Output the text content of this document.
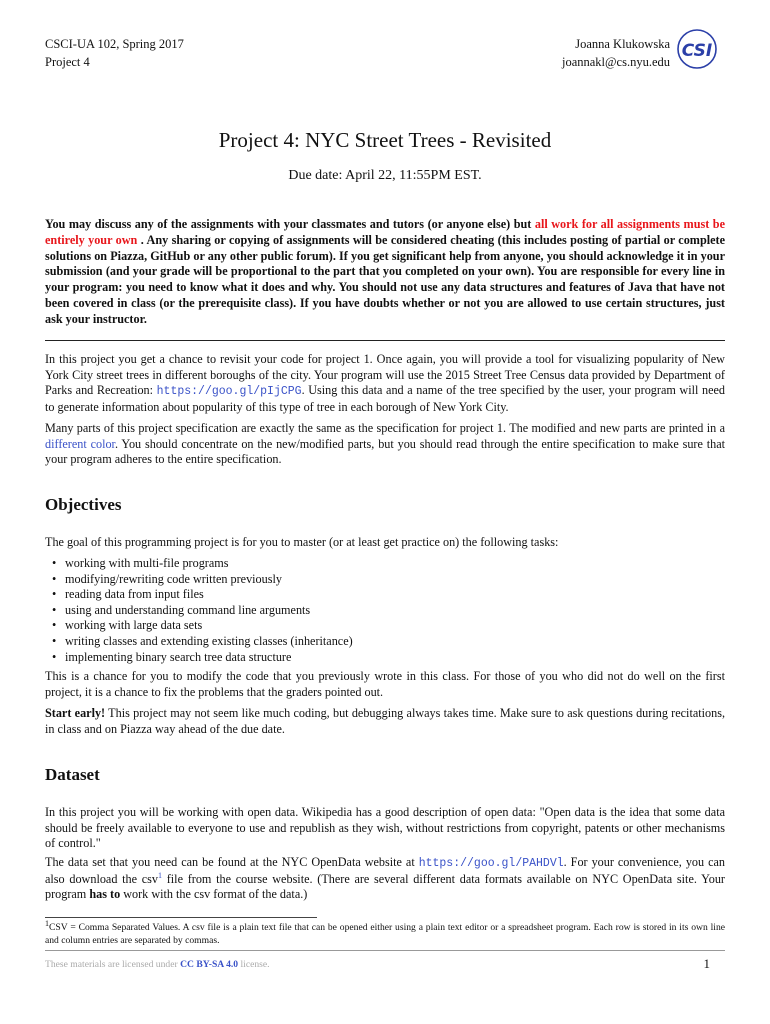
CSCI-UA 102, Spring 2017
Project 4
Joanna Klukowska
joannakl@cs.nyu.edu
CSI
Project 4: NYC Street Trees - Revisited
Due date: April 22, 11:55PM EST.
You may discuss any of the assignments with your classmates and tutors (or anyone else) but all work for all assignments must be entirely your own . Any sharing or copying of assignments will be considered cheating (this includes posting of partial or complete solutions on Piazza, GitHub or any other public forum). If you get significant help from anyone, you should acknowledge it in your submission (and your grade will be proportional to the part that you completed on your own). You are responsible for every line in your program: you need to know what it does and why. You should not use any data structures and features of Java that have not been covered in class (or the prerequisite class). If you have doubts whether or not you are allowed to use certain structures, just ask your instructor.
In this project you get a chance to revisit your code for project 1. Once again, you will provide a tool for visualizing popularity of New York City street trees in different boroughs of the city. Your program will use the 2015 Street Tree Census data provided by Department of Parks and Recreation: https://goo.gl/pIjCPG. Using this data and a name of the tree specified by the user, your program will need to generate information about popularity of this type of tree in each borough of New York City.
Many parts of this project specification are exactly the same as the specification for project 1. The modified and new parts are printed in a different color. You should concentrate on the new/modified parts, but you should read through the entire specification to make sure that your program adheres to the entire specification.
Objectives
The goal of this programming project is for you to master (or at least get practice on) the following tasks:
• working with multi-file programs
• modifying/rewriting code written previously
• reading data from input files
• using and understanding command line arguments
• working with large data sets
• writing classes and extending existing classes (inheritance)
• implementing binary search tree data structure
This is a chance for you to modify the code that you previously wrote in this class. For those of you who did not do well on the first project, it is a chance to fix the problems that the graders pointed out.
Start early! This project may not seem like much coding, but debugging always takes time. Make sure to ask questions during recitations, in class and on Piazza way ahead of the due date.
Dataset
In this project you will be working with open data. Wikipedia has a good description of open data: "Open data is the idea that some data should be freely available to everyone to use and republish as they wish, without restrictions from copyright, patents or other mechanisms of control."
The data set that you need can be found at the NYC OpenData website at https://goo.gl/PAHDVl. For your convenience, you can also download the csv$^1$ file from the course website. (There are several different data formats available on NYC OpenData site. Your program has to work with the csv format of the data.)
$^1$CSV = Comma Separated Values. A csv file is a plain text file that can be opened either using a plain text editor or a spreadsheet program. Each row is stored in its own line and column entries are separated by commas.
These materials are licensed under CC BY-SA 4.0 license.	1
